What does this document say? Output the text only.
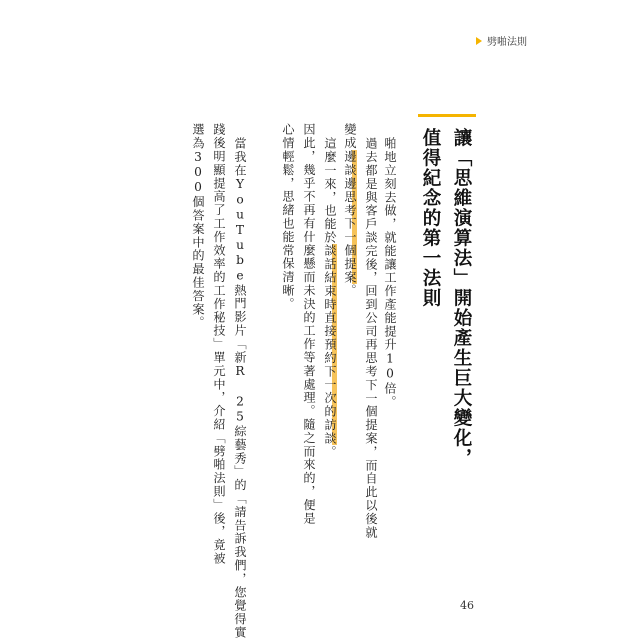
劈啪法則
讓「思維演算法」開始產生巨大變化，
值得紀念的第一法則
啪地立刻去做，就能讓工作產能提升10倍。
過去都是與客戶談完後，回到公司再思考下一個提案，而自此以後就
變成邊談邊思考下一個提案。
這麼一來，也能於談話結束時直接預約下一次的訪談。
因此，幾乎不再有什麼懸而未決的工作等著處理。隨之而來的，便是
心情輕鬆，思緒也能常保清晰。
當我在YouTube熱門影片「新R 25綜藝秀」的「請告訴我們，您覺得實
踐後明顯提高了工作效率的工作秘技」單元中，介紹「劈啪法則」後，竟被
選為300個答案中的最佳答案。
46
